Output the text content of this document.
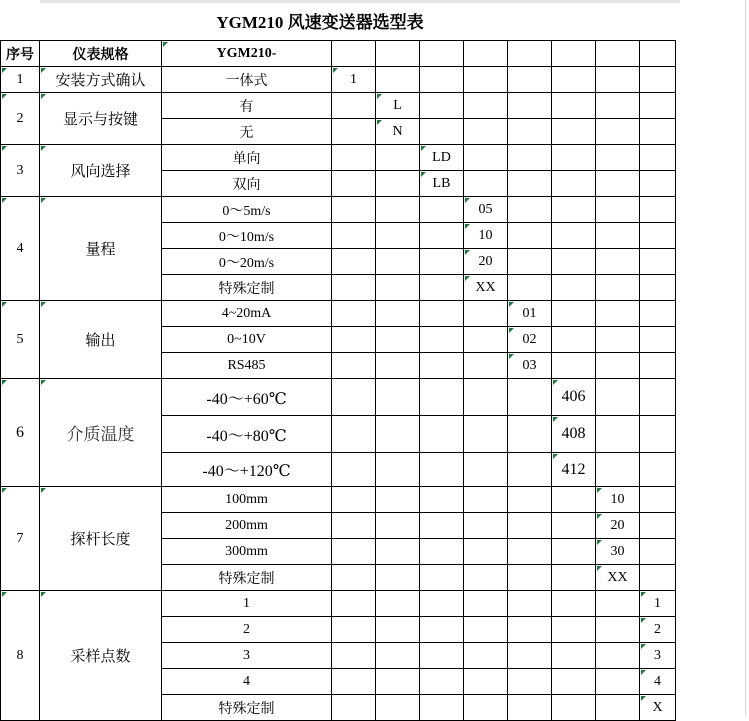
YGM210 风速变送器选型表
序号	仪表规格	YGM210-
1	安装方式确认	一体式	1
2	显示与按键
有	L
无	N
3	风向选择
单向	LD
双向	LB
4	量程
0～5m/s	05
0～10m/s	10
0～20m/s	20
特殊定制	XX
5	输出
4~20mA	01
0~10V	02
RS485	03
6	介质温度
-40～+60℃	406
-40～+80℃	408
-40～+120℃	412
7	探杆长度
100mm	10
200mm	20
300mm	30
特殊定制	XX
8	采样点数
1	1
2	2
3	3
4	4
特殊定制	X
